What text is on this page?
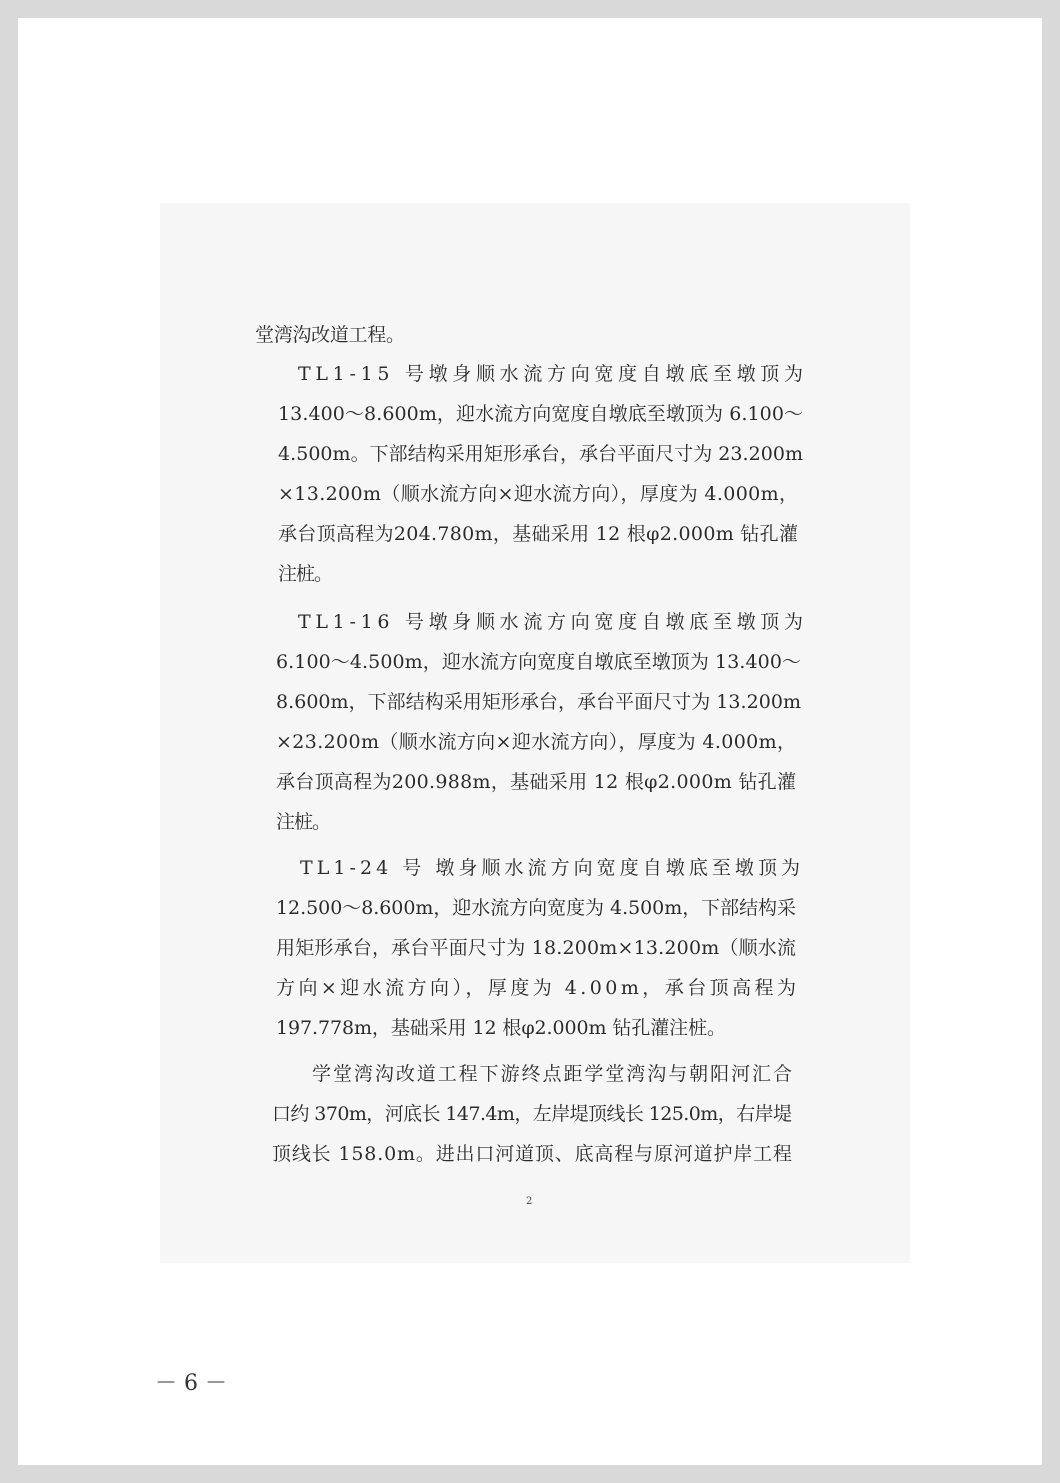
堂湾沟改道工程。
TL1-15 号墩身顺水流方向宽度自墩底至墩顶为
13.400～8.600m，迎水流方向宽度自墩底至墩顶为 6.100～
4.500m。下部结构采用矩形承台，承台平面尺寸为 23.200m
×13.200m（顺水流方向×迎水流方向），厚度为 4.000m，
承台顶高程为204.780m，基础采用 12 根φ2.000m 钻孔灌
注桩。
TL1-16 号墩身顺水流方向宽度自墩底至墩顶为
6.100～4.500m，迎水流方向宽度自墩底至墩顶为 13.400～
8.600m，下部结构采用矩形承台，承台平面尺寸为 13.200m
×23.200m（顺水流方向×迎水流方向），厚度为 4.000m，
承台顶高程为200.988m，基础采用 12 根φ2.000m 钻孔灌
注桩。
TL1-24 号 墩身顺水流方向宽度自墩底至墩顶为
12.500～8.600m，迎水流方向宽度为 4.500m，下部结构采
用矩形承台，承台平面尺寸为 18.200m×13.200m（顺水流
方向×迎水流方向），厚度为 4.00m，承台顶高程为
197.778m，基础采用 12 根φ2.000m 钻孔灌注桩。
学堂湾沟改道工程下游终点距学堂湾沟与朝阳河汇合
口约 370m，河底长 147.4m，左岸堤顶线长 125.0m，右岸堤
顶线长 158.0m。进出口河道顶、底高程与原河道护岸工程
2
－ 6 －
